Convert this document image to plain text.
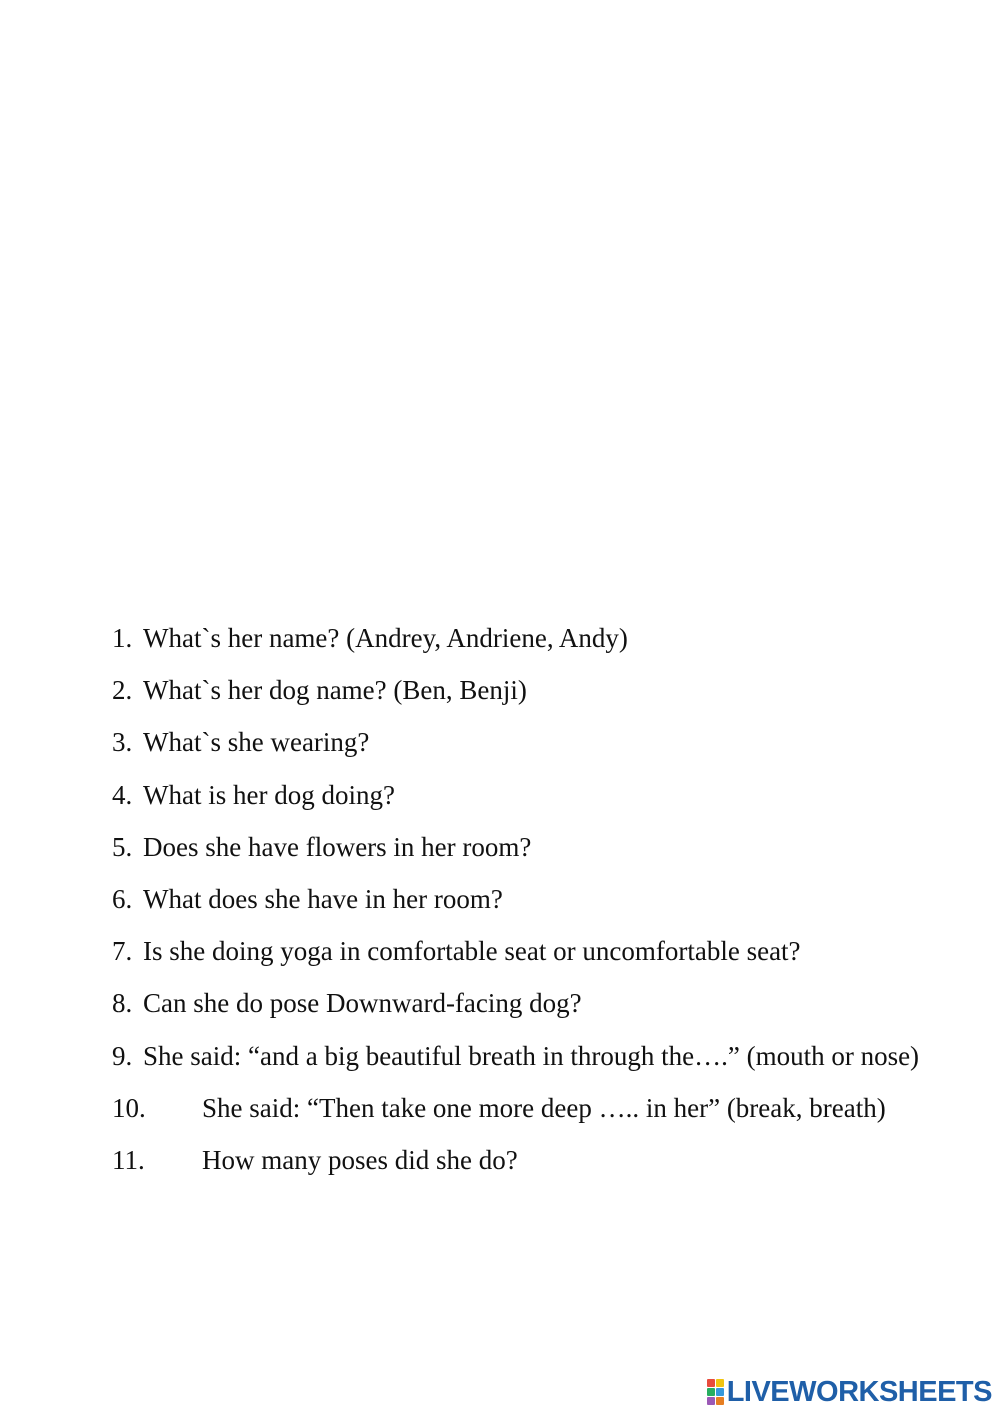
1. What`s her name? (Andrey, Andriene, Andy)
2. What`s her dog name? (Ben, Benji)
3. What`s she wearing?
4. What is her dog doing?
5. Does she have flowers in her room?
6. What does she have in her room?
7. Is she doing yoga in comfortable seat or uncomfortable seat?
8. Can she do pose Downward-facing dog?
9. She said: “and a big beautiful breath in through the….” (mouth or nose)
10.	She said: “Then take one more deep ….. in her” (break, breath)
11.	How many poses did she do?
LIVEWORKSHEETS
